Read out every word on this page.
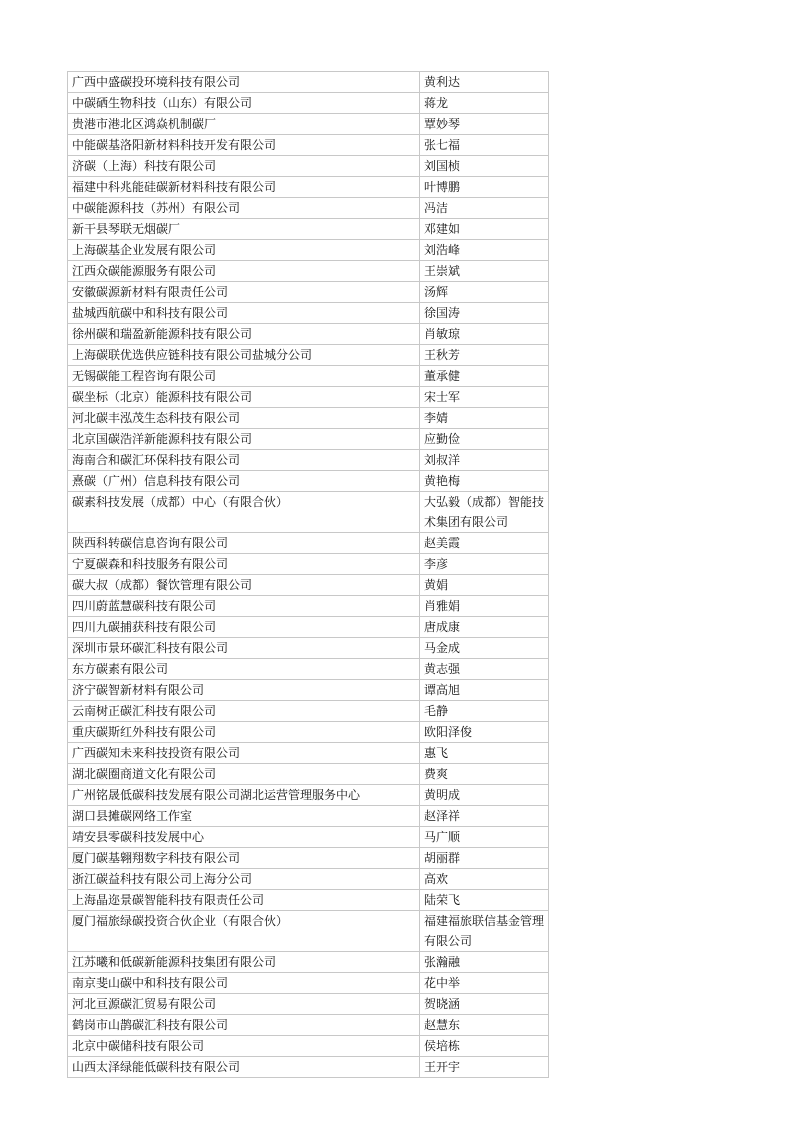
广西中盛碳投环境科技有限公司	黄利达
中碳硒生物科技（山东）有限公司	蒋龙
贵港市港北区鸿焱机制碳厂	覃妙琴
中能碳基洛阳新材料科技开发有限公司	张七福
济碳（上海）科技有限公司	刘国桢
福建中科兆能硅碳新材料科技有限公司	叶博鹏
中碳能源科技（苏州）有限公司	冯洁
新干县琴联无烟碳厂	邓建如
上海碳基企业发展有限公司	刘浩峰
江西众碳能源服务有限公司	王崇斌
安徽碳源新材料有限责任公司	汤辉
盐城西航碳中和科技有限公司	徐国涛
徐州碳和瑞盈新能源科技有限公司	肖敏琼
上海碳联优选供应链科技有限公司盐城分公司	王秋芳
无锡碳能工程咨询有限公司	董承健
碳坐标（北京）能源科技有限公司	宋士军
河北碳丰泓茂生态科技有限公司	李婧
北京国碳浩洋新能源科技有限公司	应勤俭
海南合和碳汇环保科技有限公司	刘叔洋
熹碳（广州）信息科技有限公司	黄艳梅
碳素科技发展（成都）中心（有限合伙）	大弘毅（成都）智能技术集团有限公司
陕西科转碳信息咨询有限公司	赵美霞
宁夏碳森和科技服务有限公司	李彦
碳大叔（成都）餐饮管理有限公司	黄娟
四川蔚蓝慧碳科技有限公司	肖雅娟
四川九碳捕获科技有限公司	唐成康
深圳市景环碳汇科技有限公司	马金成
东方碳素有限公司	黄志强
济宁碳智新材料有限公司	谭高旭
云南树正碳汇科技有限公司	毛静
重庆碳斯红外科技有限公司	欧阳泽俊
广西碳知未来科技投资有限公司	惠飞
湖北碳圈商道文化有限公司	费爽
广州铭晟低碳科技发展有限公司湖北运营管理服务中心	黄明成
湖口县摊碳网络工作室	赵泽祥
靖安县零碳科技发展中心	马广顺
厦门碳基翱翔数字科技有限公司	胡丽群
浙江碳益科技有限公司上海分公司	高欢
上海晶迩景碳智能科技有限责任公司	陆荣飞
厦门福旅绿碳投资合伙企业（有限合伙）	福建福旅联信基金管理有限公司
江苏曦和低碳新能源科技集团有限公司	张瀚融
南京斐山碳中和科技有限公司	花中举
河北亘源碳汇贸易有限公司	贺晓涵
鹤岗市山鹊碳汇科技有限公司	赵慧东
北京中碳储科技有限公司	侯培栋
山西太泽绿能低碳科技有限公司	王开宇
